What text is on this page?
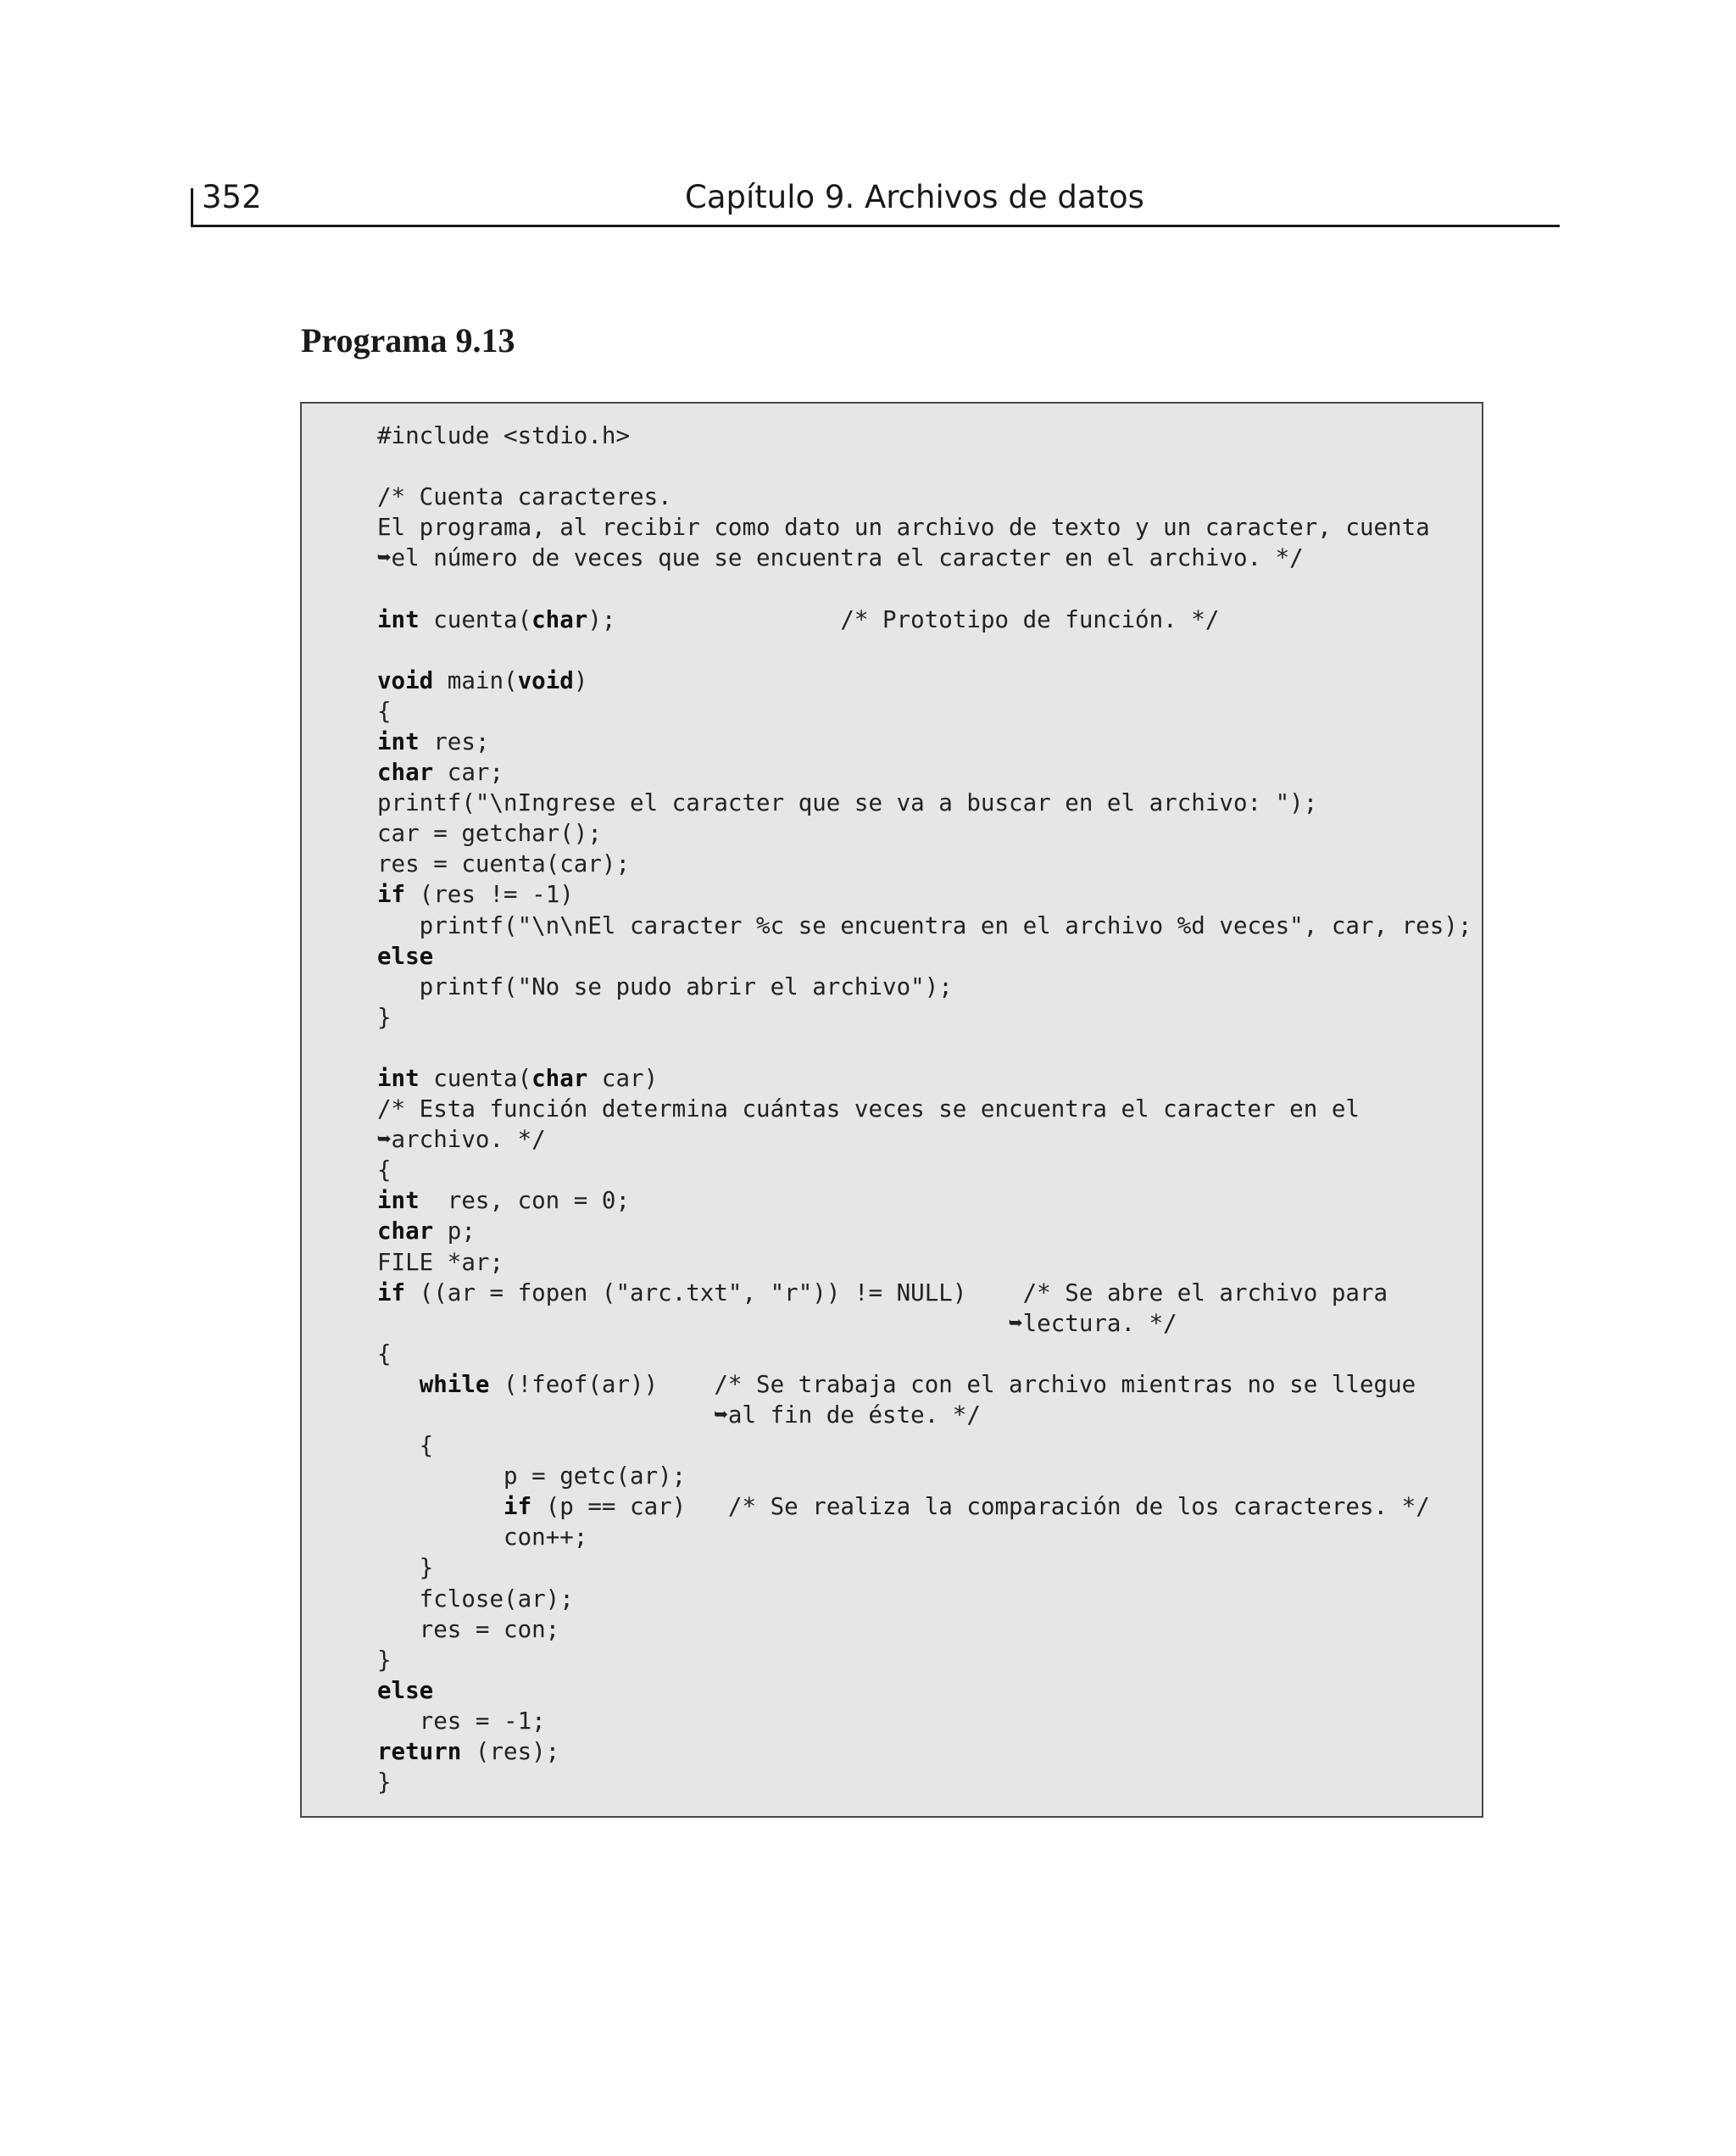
352	Capítulo 9. Archivos de datos
Programa 9.13
#include <stdio.h>

/* Cuenta caracteres.
El programa, al recibir como dato un archivo de texto y un caracter, cuenta
➥el número de veces que se encuentra el caracter en el archivo. */

int cuenta(char);                /* Prototipo de función. */

void main(void)
{
int res;
char car;
printf("\nIngrese el caracter que se va a buscar en el archivo: ");
car = getchar();
res = cuenta(car);
if (res != -1)
printf("\n\nEl caracter %c se encuentra en el archivo %d veces", car, res);
else
printf("No se pudo abrir el archivo");
}

int cuenta(char car)
/* Esta función determina cuántas veces se encuentra el caracter en el
➥archivo. */
{
int  res, con = 0;
char p;
FILE *ar;
if ((ar = fopen ("arc.txt", "r")) != NULL)    /* Se abre el archivo para
➥lectura. */
{
while (!feof(ar))    /* Se trabaja con el archivo mientras no se llegue
➥al fin de éste. */
{
p = getc(ar);
if (p == car)   /* Se realiza la comparación de los caracteres. */
con++;
}
fclose(ar);
res = con;
}
else
res = -1;
return (res);
}
